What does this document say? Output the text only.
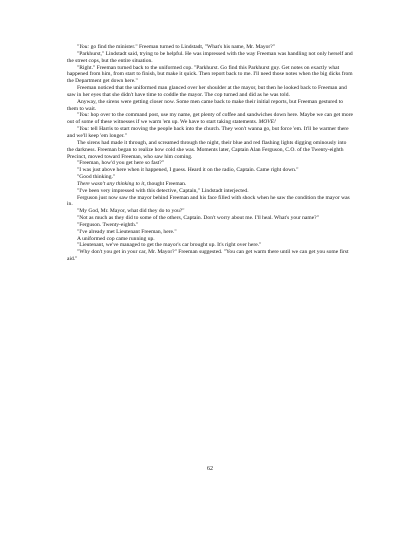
"You: go find the minister." Freeman turned to Lindstadt, "What's his name, Mr. Mayor?"

"Parkhurst," Lindstadt said, trying to be helpful. He was impressed with the way Freeman was handling not only herself and the street cops, but the entire situation.

"Right." Freeman turned back to the uniformed cop. "Parkhurst. Go find this Parkhurst guy. Get notes on exactly what happened from him, from start to finish, but make it quick. Then report back to me. I'll need those notes when the big dicks from the Department get down here."

Freeman noticed that the uniformed man glanced over her shoulder at the mayor, but then he looked back to Freeman and saw in her eyes that she didn't have time to coddle the mayor. The cop turned and did as he was told.

Anyway, the sirens were getting closer now. Some men came back to make their initial reports, but Freeman gestured to them to wait.

"You: hop over to the command post, use my name, get plenty of coffee and sandwiches down here. Maybe we can get more out of some of these witnesses if we warm 'em up. We have to start taking statements. MOVE!

"You: tell Harris to start moving the people back into the church. They won't wanna go, but force 'em. It'll be warmer there and we'll keep 'em longer."

The sirens had made it through, and screamed through the night, their blue and red flashing lights digging ominously into the darkness. Freeman began to realize how cold she was. Moments later, Captain Alan Ferguson, C.O. of the Twenty-eighth Precinct, moved toward Freeman, who saw him coming.

"Freeman, how'd you get here so fast?"

"I was just above here when it happened, I guess. Heard it on the radio, Captain. Came right down."

"Good thinking."

There wasn't any thinking to it, thought Freeman.

"I've been very impressed with this detective, Captain," Lindstadt interjected.

Ferguson just now saw the mayor behind Freeman and his face filled with shock when he saw the condition the mayor was in.

"My God, Mr. Mayor, what did they do to you?"

"Not as much as they did to some of the others, Captain. Don't worry about me. I'll heal. What's your name?"

"Ferguson. Twenty-eighth."

"I've already met Lieutenant Freeman, here."

A uniformed cop came running up.

"Lieutenant, we've managed to get the mayor's car brought up. It's right over here."

"Why don't you get in your car, Mr. Mayor?" Freeman suggested. "You can get warm there until we can get you some first aid."

62
